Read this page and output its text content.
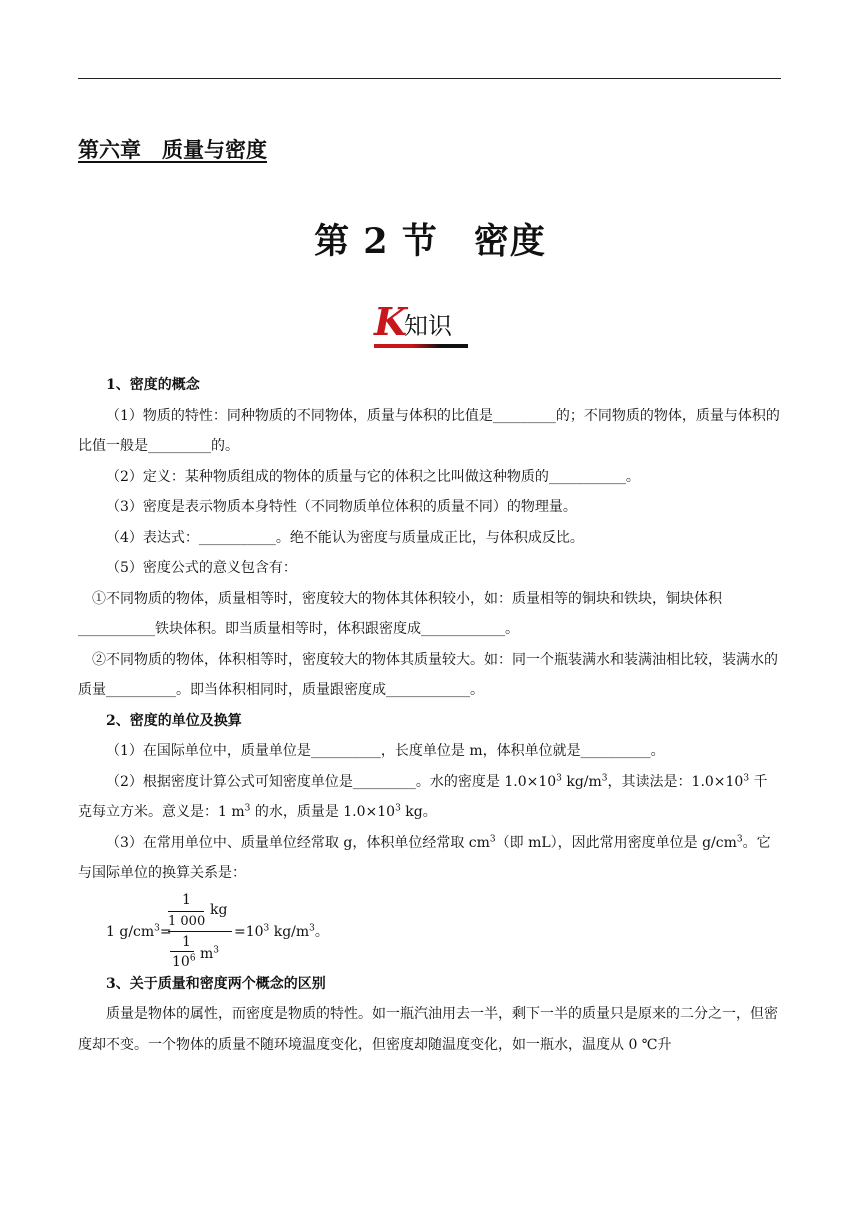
第六章　质量与密度
第 2 节　密度
K
知识

1、密度的概念

（1）物质的特性：同种物质的不同物体，质量与体积的比值是_________的；不同物质的物体，质量与体积的比值一般是_________的。

（2）定义：某种物质组成的物体的质量与它的体积之比叫做这种物质的___________。

（3）密度是表示物质本身特性（不同物质单位体积的质量不同）的物理量。

（4）表达式：___________。绝不能认为密度与质量成正比，与体积成反比。

（5）密度公式的意义包含有：

①不同物质的物体，质量相等时，密度较大的物体其体积较小，如：质量相等的铜块和铁块，铜块体积___________铁块体积。即当质量相等时，体积跟密度成____________。

②不同物质的物体，体积相等时，密度较大的物体其质量较大。如：同一个瓶装满水和装满油相比较，装满水的质量__________。即当体积相同时，质量跟密度成____________。

2、密度的单位及换算

（1）在国际单位中，质量单位是__________，长度单位是 m，体积单位就是__________。

（2）根据密度计算公式可知密度单位是_________。水的密度是 $1.0\times 10^3$ $kg/m^3$，其读法是：$1.0\times 10^3$ 千克每立方米。意义是：1 $m^3$ 的水，质量是 $1.0\times 10^3$ kg。

（3）在常用单位中、质量单位经常取 g，体积单位经常取 $cm^3$（即 mL），因此常用密度单位是 $g/cm^3$。它与国际单位的换算关系是：

1 $g/cm^3=$
1
1 000
kg
1
$10^6$ $m^3$
$=10^3$ $kg/m^3$。

3、关于质量和密度两个概念的区别

质量是物体的属性，而密度是物质的特性。如一瓶汽油用去一半，剩下一半的质量只是原来的二分之一，但密度却不变。一个物体的质量不随环境温度变化，但密度却随温度变化，如一瓶水，温度从 0 ℃升
